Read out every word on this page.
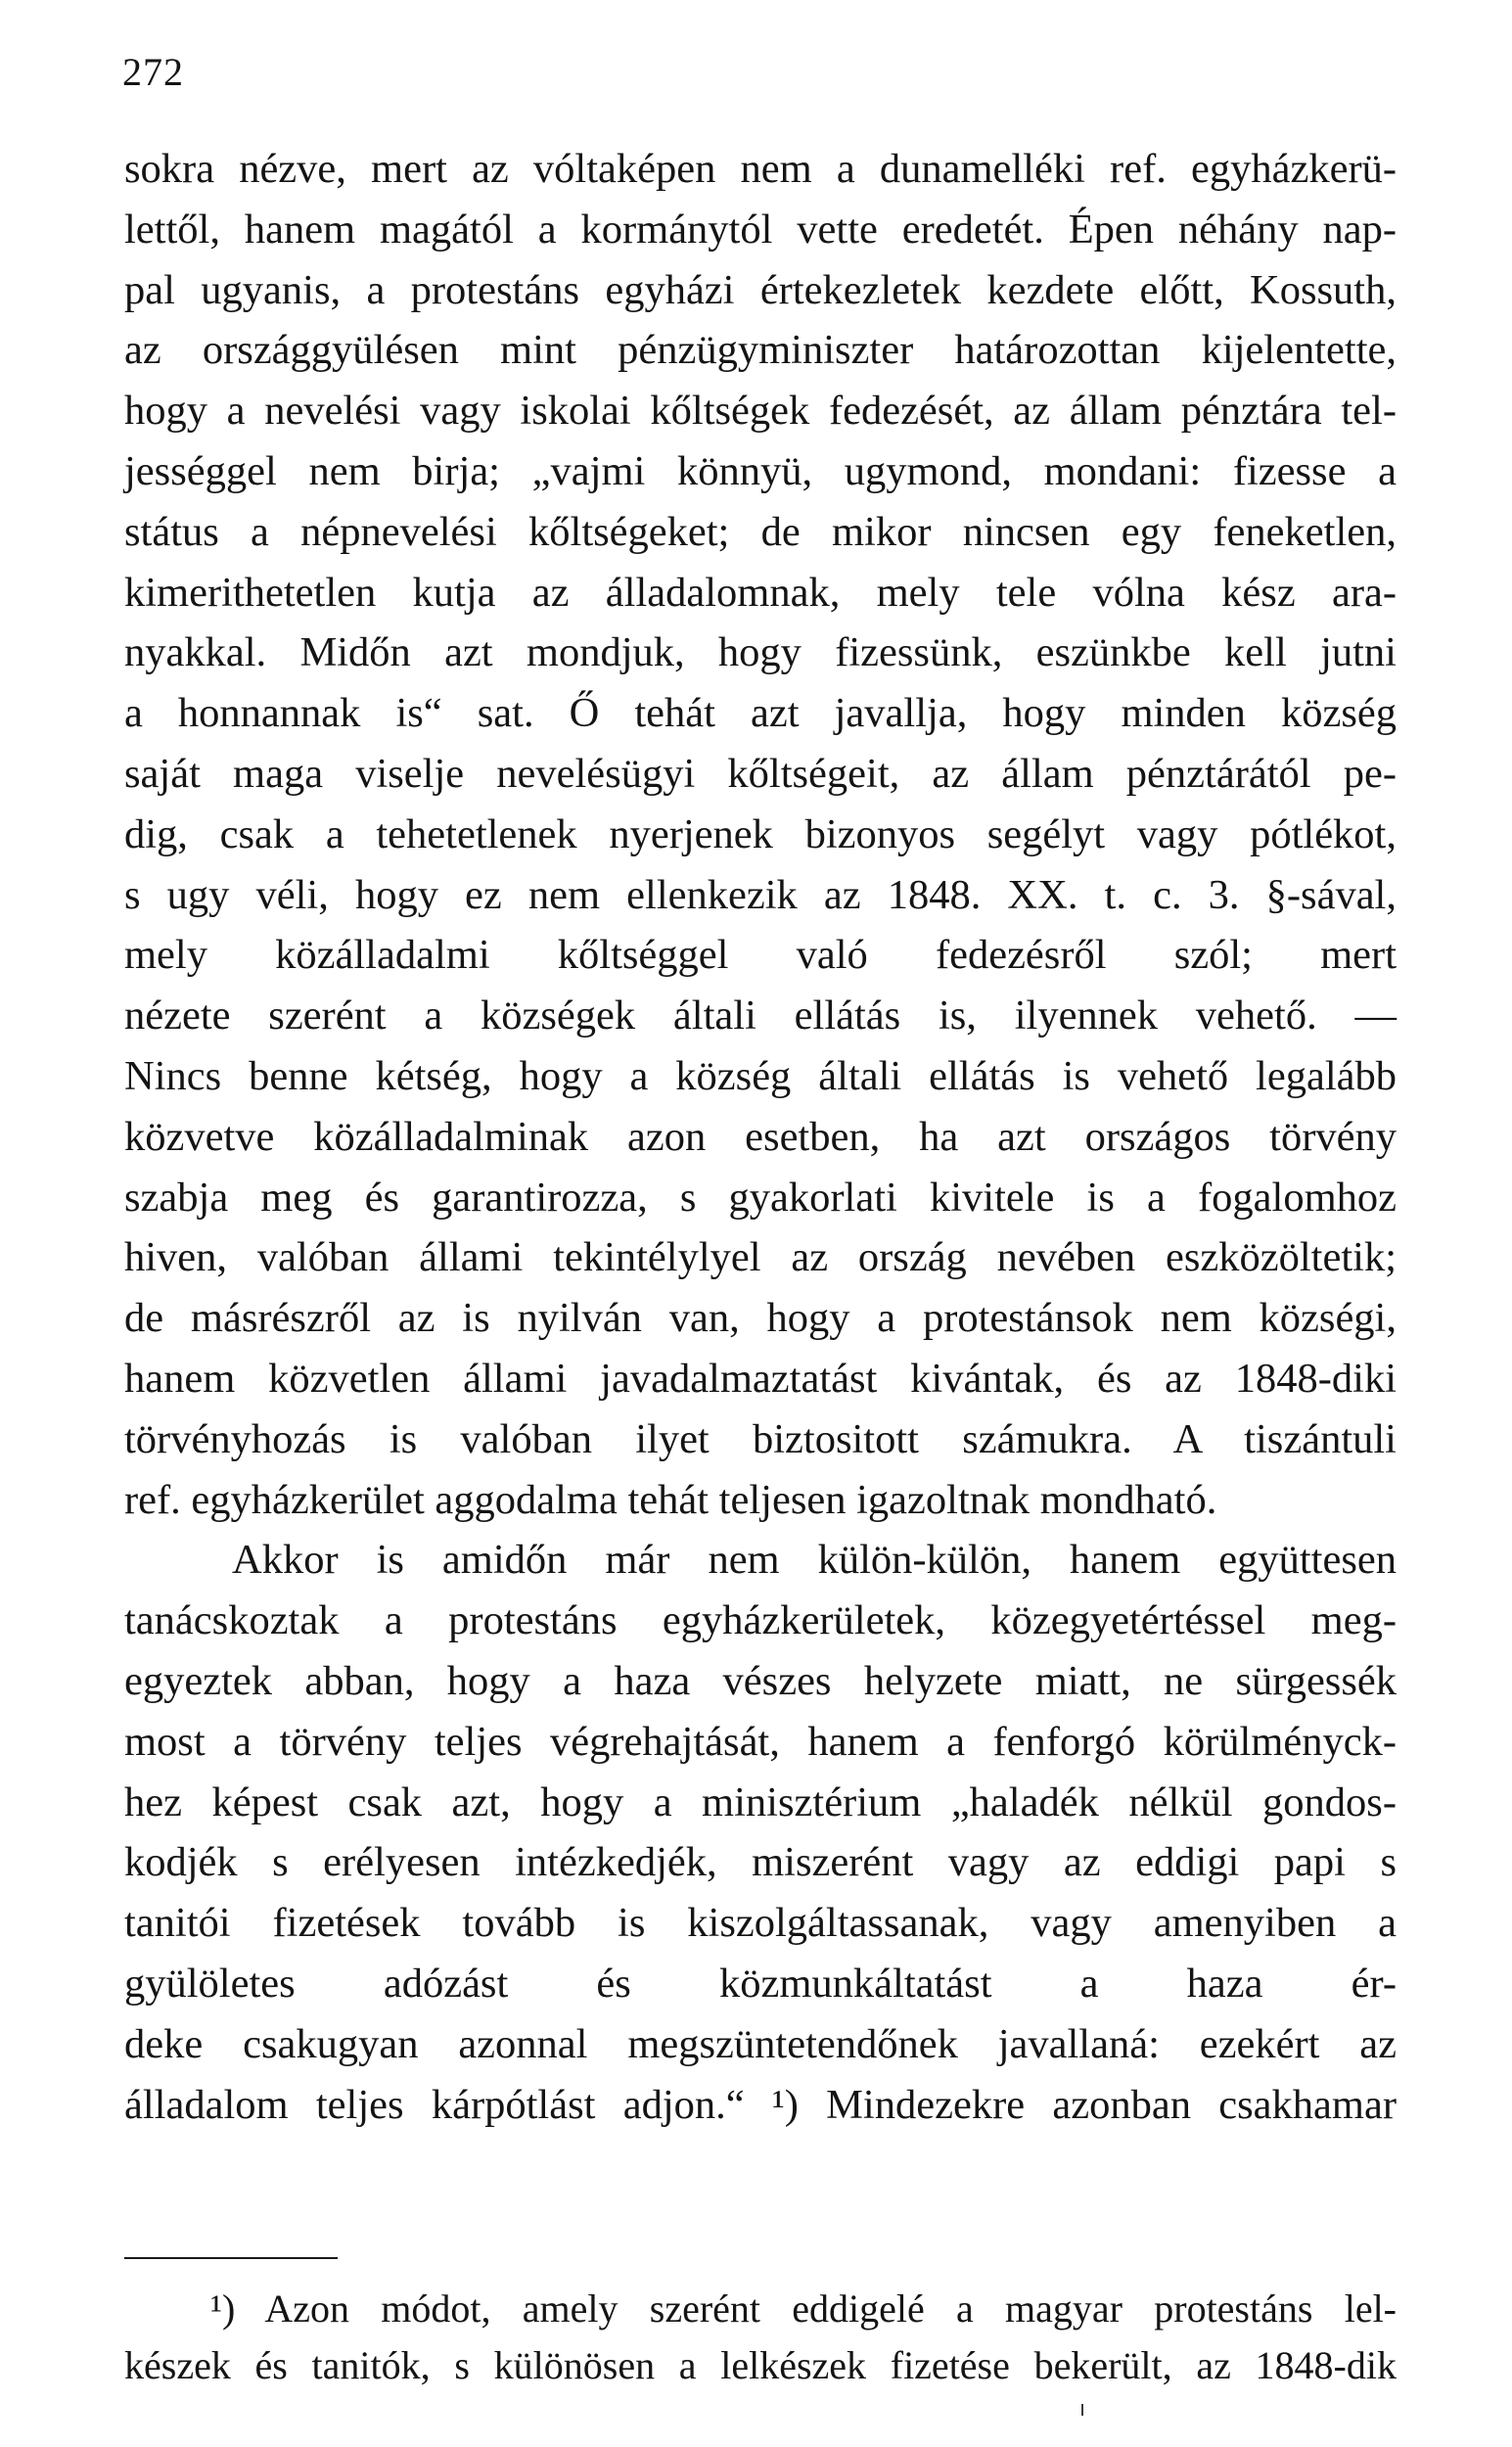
272
sokra nézve, mert az vóltaképen nem a dunamelléki ref. egyházkerü-
lettől, hanem magától a kormánytól vette eredetét. Épen néhány nap-
pal ugyanis, a protestáns egyházi értekezletek kezdete előtt, Kossuth,
az országgyülésen mint pénzügyminiszter határozottan kijelentette,
hogy a nevelési vagy iskolai kőltségek fedezését, az állam pénztára tel-
jességgel nem birja; „vajmi könnyü, ugymond, mondani: fizesse a
státus a népnevelési kőltségeket; de mikor nincsen egy feneketlen,
kimerithetetlen kutja az álladalomnak, mely tele vólna kész ara-
nyakkal. Midőn azt mondjuk, hogy fizessünk, eszünkbe kell jutni
a honnannak is“ sat. Ő tehát azt javallja, hogy minden község
saját maga viselje nevelésügyi kőltségeit, az állam pénztárától pe-
dig, csak a tehetetlenek nyerjenek bizonyos segélyt vagy pótlékot,
s ugy véli, hogy ez nem ellenkezik az 1848. XX. t. c. 3. §-sával,
mely közálladalmi kőltséggel való fedezésről szól; mert
nézete szerént a községek általi ellátás is, ilyennek vehető. —
Nincs benne kétség, hogy a község általi ellátás is vehető legalább
közvetve közálladalminak azon esetben, ha azt országos törvény
szabja meg és garantirozza, s gyakorlati kivitele is a fogalomhoz
hiven, valóban állami tekintélylyel az ország nevében eszközöltetik;
de másrészről az is nyilván van, hogy a protestánsok nem községi,
hanem közvetlen állami javadalmaztatást kivántak, és az 1848-diki
törvényhozás is valóban ilyet biztositott számukra. A tiszántuli
ref. egyházkerület aggodalma tehát teljesen igazoltnak mondható.
Akkor is amidőn már nem külön-külön, hanem együttesen
tanácskoztak a protestáns egyházkerületek, közegyetértéssel meg-
egyeztek abban, hogy a haza vészes helyzete miatt, ne sürgessék
most a törvény teljes végrehajtását, hanem a fenforgó körülményck-
hez képest csak azt, hogy a minisztérium „haladék nélkül gondos-
kodjék s erélyesen intézkedjék, miszerént vagy az eddigi papi s
tanitói fizetések tovább is kiszolgáltassanak, vagy amenyiben a
gyülöletes adózást és közmunkáltatást a haza ér-
deke csakugyan azonnal megszüntetendőnek javallaná: ezekért az
álladalom teljes kárpótlást adjon.“ ¹) Mindezekre azonban csakhamar
¹) Azon módot, amely szerént eddigelé a magyar protestáns lel-
készek és tanitók, s különösen a lelkészek fizetése bekerült, az 1848-dik
